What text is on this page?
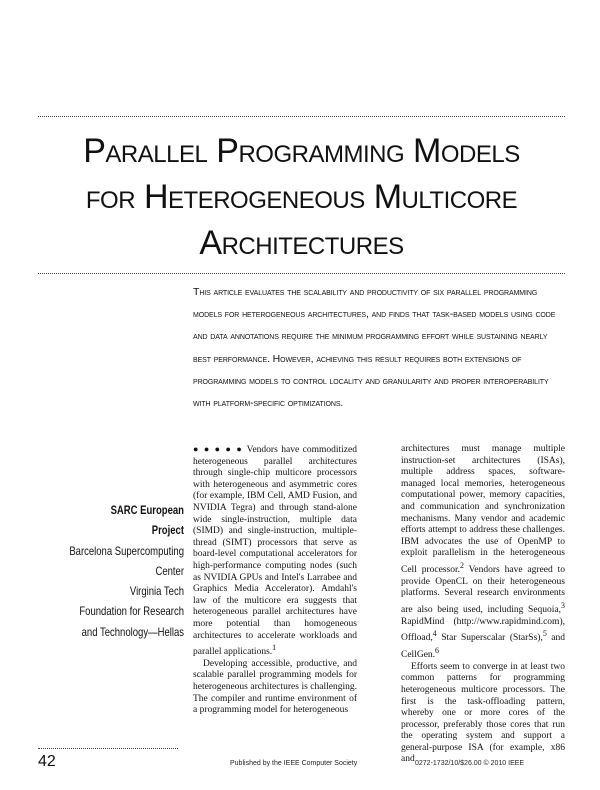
Parallel Programming Models
for Heterogeneous Multicore
Architectures
This article evaluates the scalability and productivity of six parallel programming models for heterogeneous architectures, and finds that task-based models using code and data annotations require the minimum programming effort while sustaining nearly best performance. However, achieving this result requires both extensions of programming models to control locality and granularity and proper interoperability with platform-specific optimizations.
SARC European
Project
Barcelona Supercomputing
Center
Virginia Tech
Foundation for Research
and Technology—Hellas

● ● ● ● ● Vendors have commoditized heterogeneous parallel architectures through single-chip multicore processors with heterogeneous and asymmetric cores (for example, IBM Cell, AMD Fusion, and NVIDIA Tegra) and through stand-alone wide single-instruction, multiple data (SIMD) and single-instruction, multiple-thread (SIMT) processors that serve as board-level computational accelerators for high-performance computing nodes (such as NVIDIA GPUs and Intel's Larrabee and Graphics Media Accelerator). Amdahl's law of the multicore era suggests that heterogeneous parallel architectures have more potential than homogeneous architectures to accelerate workloads and parallel applications.$^1$

Developing accessible, productive, and scalable parallel programming models for heterogeneous architectures is challenging. The compiler and runtime environment of a programming model for heterogeneous

architectures must manage multiple instruction-set architectures (ISAs), multiple address spaces, software-managed local memories, heterogeneous computational power, memory capacities, and communication and synchronization mechanisms. Many vendor and academic efforts attempt to address these challenges. IBM advocates the use of OpenMP to exploit parallelism in the heterogeneous Cell processor.$^2$ Vendors have agreed to provide OpenCL on their heterogeneous platforms. Several research environments are also being used, including Sequoia,$^3$ RapidMind (http://www.rapidmind.com), Offload,$^4$ Star Superscalar (StarSs),$^5$ and CellGen.$^6$

Efforts seem to converge in at least two common patterns for programming heterogeneous multicore processors. The first is the task-offloading pattern, whereby one or more cores of the processor, preferably those cores that run the operating system and support a general-purpose ISA (for example, x86 and

42	Published by the IEEE Computer Society	0272-1732/10/$26.00 © 2010 IEEE
